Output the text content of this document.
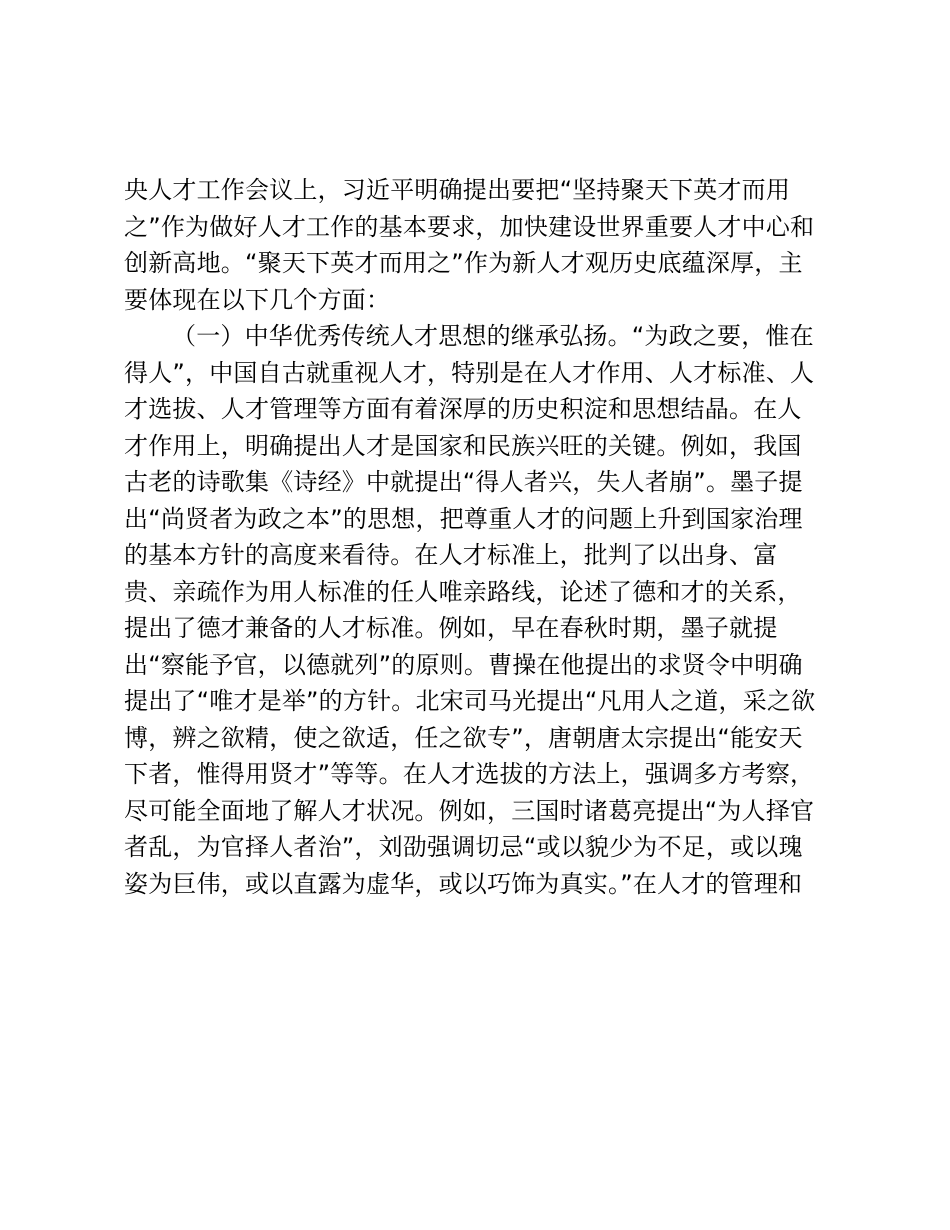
央人才工作会议上，习近平明确提出要把“坚持聚天下英才而用
之”作为做好人才工作的基本要求，加快建设世界重要人才中心和
创新高地。“聚天下英才而用之”作为新人才观历史底蕴深厚，主
要体现在以下几个方面：
（一）中华优秀传统人才思想的继承弘扬。“为政之要，惟在
得人”，中国自古就重视人才，特别是在人才作用、人才标准、人
才选拔、人才管理等方面有着深厚的历史积淀和思想结晶。在人
才作用上，明确提出人才是国家和民族兴旺的关键。例如，我国
古老的诗歌集《诗经》中就提出“得人者兴，失人者崩”。墨子提
出“尚贤者为政之本”的思想，把尊重人才的问题上升到国家治理
的基本方针的高度来看待。在人才标准上，批判了以出身、富
贵、亲疏作为用人标准的任人唯亲路线，论述了德和才的关系，
提出了德才兼备的人才标准。例如，早在春秋时期，墨子就提
出“察能予官，以德就列”的原则。曹操在他提出的求贤令中明确
提出了“唯才是举”的方针。北宋司马光提出“凡用人之道，采之欲
博，辨之欲精，使之欲适，任之欲专”，唐朝唐太宗提出“能安天
下者，惟得用贤才”等等。在人才选拔的方法上，强调多方考察，
尽可能全面地了解人才状况。例如，三国时诸葛亮提出“为人择官
者乱，为官择人者治”，刘劭强调切忌“或以貌少为不足，或以瑰
姿为巨伟，或以直露为虚华，或以巧饰为真实。”在人才的管理和
